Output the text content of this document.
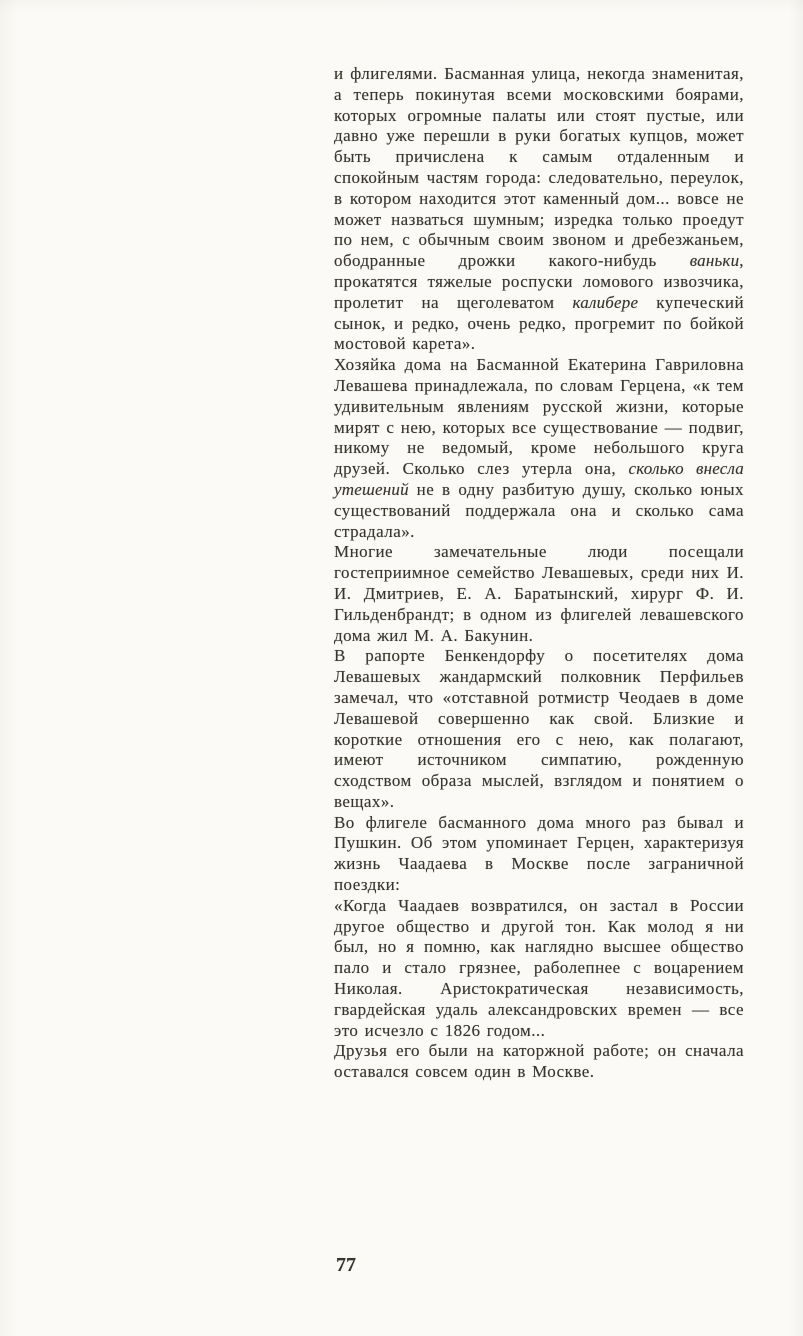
и флигелями. Басманная улица, некогда знаменитая, а теперь покинутая всеми московскими боярами, которых огромные палаты или стоят пустые, или давно уже перешли в руки богатых купцов, может быть причислена к самым отдаленным и спокойным частям города: следовательно, переулок, в котором находится этот каменный дом... вовсе не может назваться шумным; изредка только проедут по нем, с обычным своим звоном и дребезжаньем, ободранные дрожки какого-нибудь ваньки, прокатятся тяжелые роспуски ломового извозчика, пролетит на щеголеватом калибере купеческий сынок, и редко, очень редко, прогремит по бойкой мостовой карета».

Хозяйка дома на Басманной Екатерина Гавриловна Левашева принадлежала, по словам Герцена, «к тем удивительным явлениям русской жизни, которые мирят с нею, которых все существование — подвиг, никому не ведомый, кроме небольшого круга друзей. Сколько слез утерла она, сколько внесла утешений не в одну разбитую душу, сколько юных существований поддержала она и сколько сама страдала».

Многие замечательные люди посещали гостеприимное семейство Левашевых, среди них И. И. Дмитриев, Е. А. Баратынский, хирург Ф. И. Гильденбрандт; в одном из флигелей левашевского дома жил М. А. Бакунин.

В рапорте Бенкендорфу о посетителях дома Левашевых жандармский полковник Перфильев замечал, что «отставной ротмистр Чеодаев в доме Левашевой совершенно как свой. Близкие и короткие отношения его с нею, как полагают, имеют источником симпатию, рожденную сходством образа мыслей, взглядом и понятием о вещах».

Во флигеле басманного дома много раз бывал и Пушкин. Об этом упоминает Герцен, характеризуя жизнь Чаадаева в Москве после заграничной поездки:

«Когда Чаадаев возвратился, он застал в России другое общество и другой тон. Как молод я ни был, но я помню, как наглядно высшее общество пало и стало грязнее, раболепнее с воцарением Николая. Аристократическая независимость, гвардейская удаль александровских времен — все это исчезло с 1826 годом...

Друзья его были на каторжной работе; он сначала оставался совсем один в Москве.

77
